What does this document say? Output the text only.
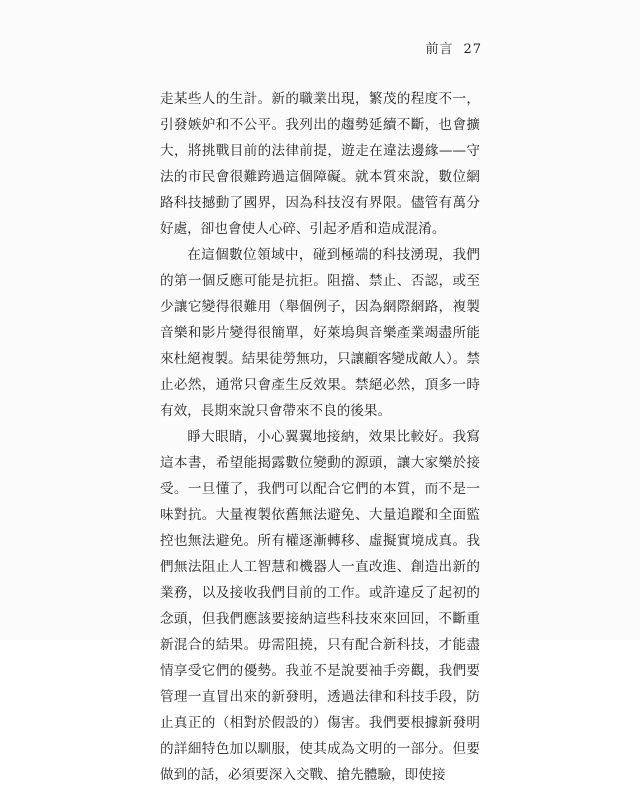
前言 27

走某些人的生計。新的職業出現，繁茂的程度不一，引發嫉妒和不公平。我列出的趨勢延續不斷，也會擴大，將挑戰目前的法律前提，遊走在違法邊緣——守法的市民會很難跨過這個障礙。就本質來說，數位網路科技撼動了國界，因為科技沒有界限。儘管有萬分好處，卻也會使人心碎、引起矛盾和造成混淆。

在這個數位領域中，碰到極端的科技湧現，我們的第一個反應可能是抗拒。阻擋、禁止、否認，或至少讓它變得很難用（舉個例子，因為網際網路，複製音樂和影片變得很簡單，好萊塢與音樂產業竭盡所能來杜絕複製。結果徒勞無功，只讓顧客變成敵人）。禁止必然，通常只會產生反效果。禁絕必然，頂多一時有效，長期來說只會帶來不良的後果。

睜大眼睛，小心翼翼地接納，效果比較好。我寫這本書，希望能揭露數位變動的源頭，讓大家樂於接受。一旦懂了，我們可以配合它們的本質，而不是一味對抗。大量複製依舊無法避免、大量追蹤和全面監控也無法避免。所有權逐漸轉移、虛擬實境成真。我們無法阻止人工智慧和機器人一直改進、創造出新的業務，以及接收我們目前的工作。或許違反了起初的念頭，但我們應該要接納這些科技來來回回，不斷重新混合的結果。毋需阻撓，只有配合新科技，才能盡情享受它們的優勢。我並不是說要袖手旁觀，我們要管理一直冒出來的新發明，透過法律和科技手段，防止真正的（相對於假設的）傷害。我們要根據新發明的詳細特色加以馴服，使其成為文明的一部分。但要做到的話，必須要深入交戰、搶先體驗，即使接
